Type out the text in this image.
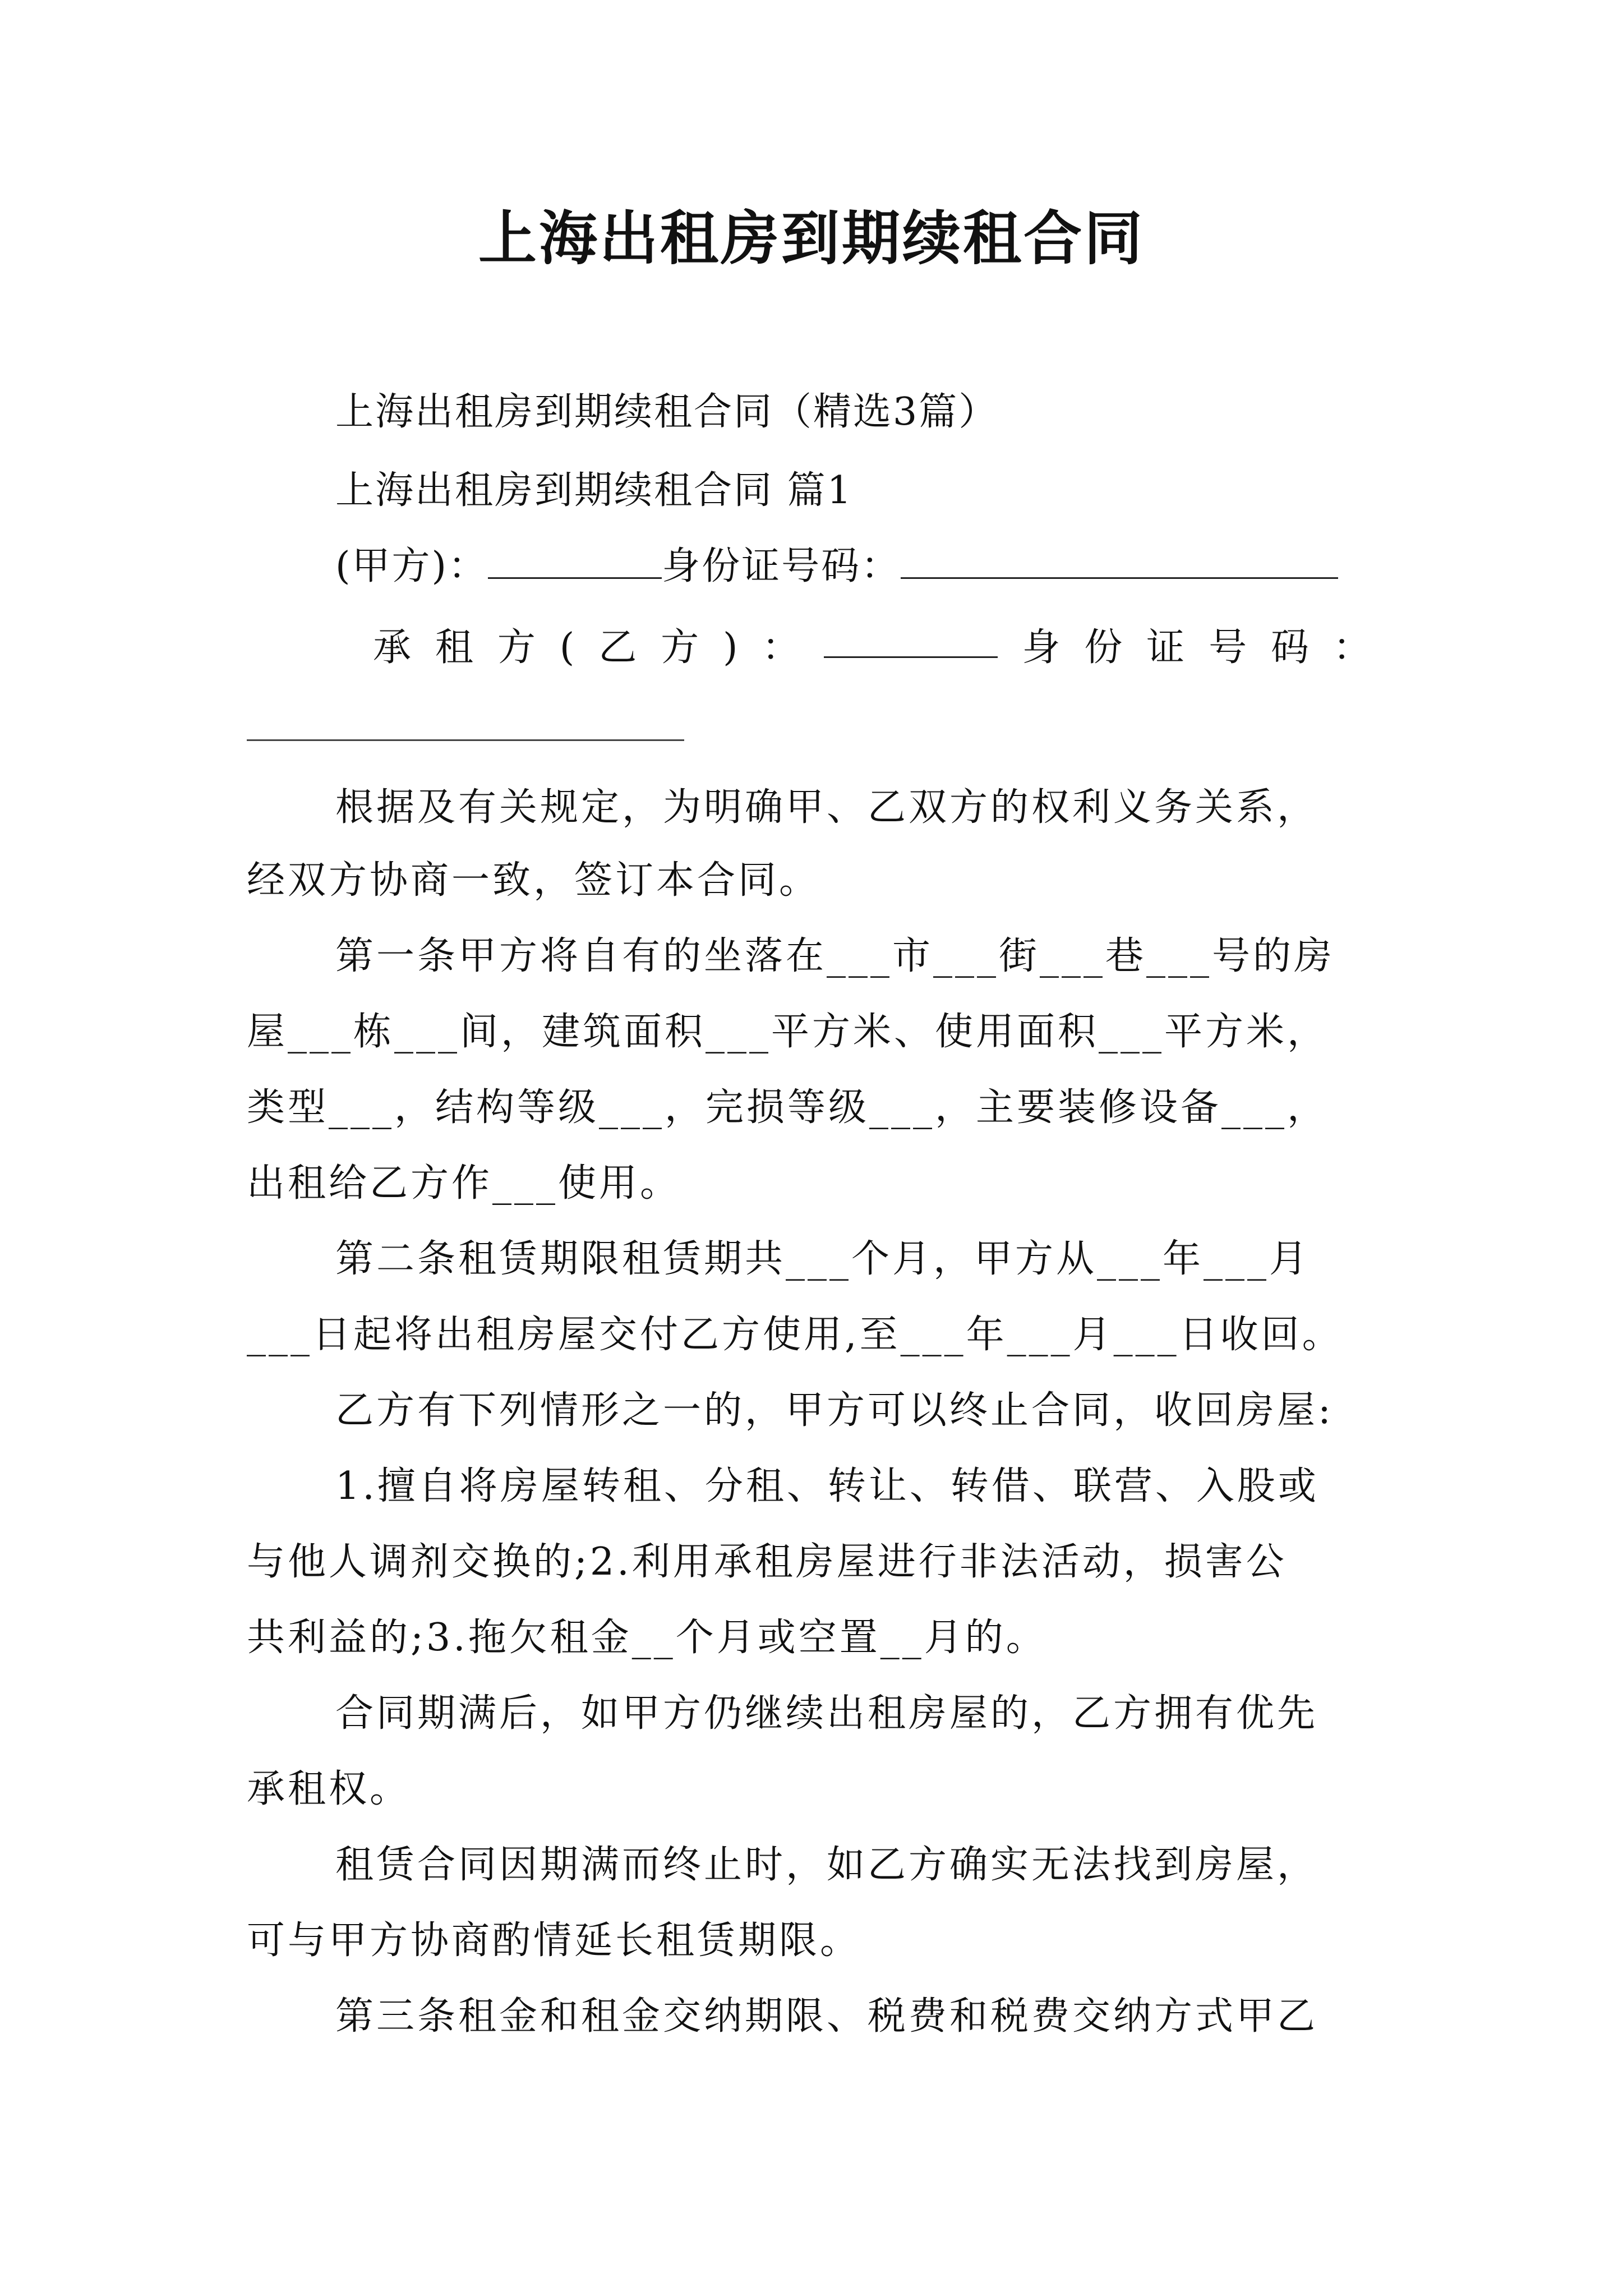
上海出租房到期续租合同
上海出租房到期续租合同（精选3篇）
上海出租房到期续租合同 篇1
(甲方)：	身份证号码：
承 租 方 ( 乙 方 ) ：	身 份 证 号 码 ：
根据及有关规定，为明确甲、乙双方的权利义务关系，
经双方协商一致，签订本合同。
第一条甲方将自有的坐落在___市___街___巷___号的房
屋___栋___间，建筑面积___平方米、使用面积___平方米，
类型___，结构等级___，完损等级___，主要装修设备___，
出租给乙方作___使用。
第二条租赁期限租赁期共___个月，甲方从___年___月
___日起将出租房屋交付乙方使用,至___年___月___日收回。
乙方有下列情形之一的，甲方可以终止合同，收回房屋:
1.擅自将房屋转租、分租、转让、转借、联营、入股或
与他人调剂交换的;2.利用承租房屋进行非法活动，损害公
共利益的;3.拖欠租金__个月或空置__月的。
合同期满后，如甲方仍继续出租房屋的，乙方拥有优先
承租权。
租赁合同因期满而终止时，如乙方确实无法找到房屋，
可与甲方协商酌情延长租赁期限。
第三条租金和租金交纳期限、税费和税费交纳方式甲乙
